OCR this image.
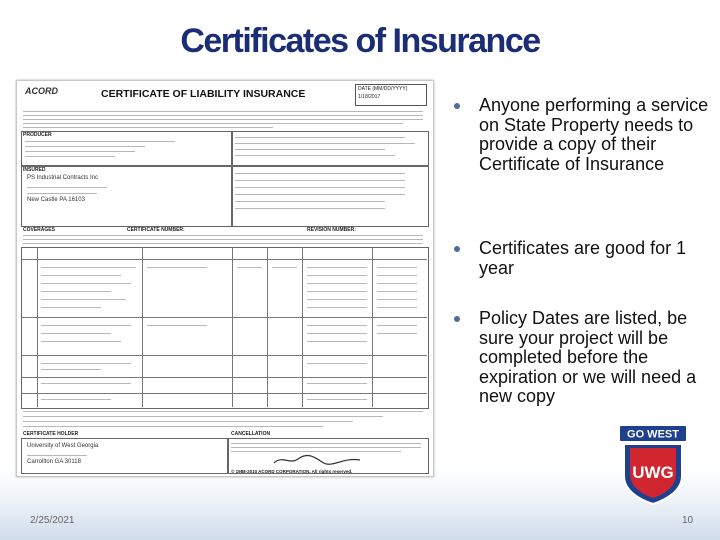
Certificates of Insurance
ACORD	CERTIFICATE OF LIABILITY INSURANCE	DATE (MM/DD/YYYY)
1/18/2017
PRODUCER
INSURED
PS Industrial Contracts Inc
New Castle PA 16103
COVERAGES	CERTIFICATE NUMBER:	REVISION NUMBER:
CERTIFICATE HOLDER	CANCELLATION
University of West Georgia
Carrollton GA 30118
© 1988-2010 ACORD CORPORATION. All rights reserved.
Anyone performing a service on State Property needs to provide a copy of their Certificate of Insurance
Certificates are good for 1 year
Policy Dates are listed, be sure your project will be completed before the expiration or we will need a new copy
GO WEST
UWG
2/25/2021	10
